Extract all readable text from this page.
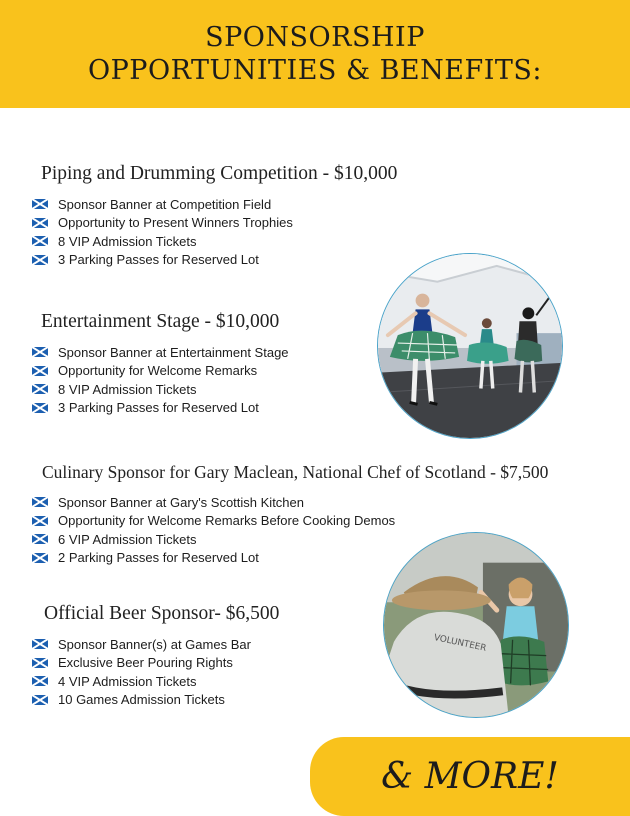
SPONSORSHIP
OPPORTUNITIES & BENEFITS:
Piping and Drumming Competition - $10,000
Sponsor Banner at Competition Field
Opportunity to Present Winners Trophies
8 VIP Admission Tickets
3 Parking Passes for Reserved Lot
Entertainment Stage - $10,000
Sponsor Banner at Entertainment Stage
Opportunity for Welcome Remarks
8 VIP Admission Tickets
3 Parking Passes for Reserved Lot
Culinary Sponsor for Gary Maclean, National Chef of Scotland - $7,500
Sponsor Banner at Gary's Scottish Kitchen
Opportunity for Welcome Remarks Before Cooking Demos
6 VIP Admission Tickets
2 Parking Passes for Reserved Lot
Official Beer Sponsor- $6,500
Sponsor Banner(s) at Games Bar
Exclusive Beer Pouring Rights
4 VIP Admission Tickets
10 Games Admission Tickets
VOLUNTEER
& MORE!
